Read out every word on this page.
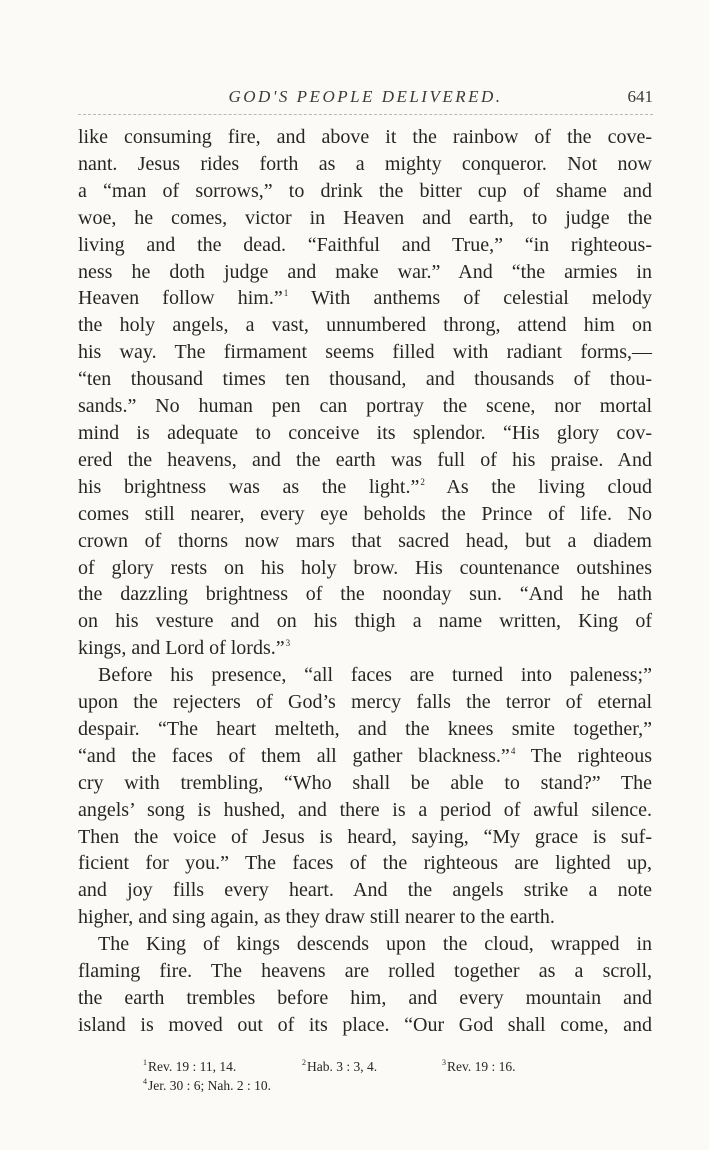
GOD'S PEOPLE DELIVERED.	641

like consuming fire, and above it the rainbow of the cove-

nant. Jesus rides forth as a mighty conqueror. Not now

a “man of sorrows,” to drink the bitter cup of shame and

woe, he comes, victor in Heaven and earth, to judge the

living and the dead. “Faithful and True,” “in righteous-

ness he doth judge and make war.” And “the armies in

Heaven follow him.”$^1$ With anthems of celestial melody

the holy angels, a vast, unnumbered throng, attend him on

his way. The firmament seems filled with radiant forms,—

“ten thousand times ten thousand, and thousands of thou-

sands.” No human pen can portray the scene, nor mortal

mind is adequate to conceive its splendor. “His glory cov-

ered the heavens, and the earth was full of his praise. And

his brightness was as the light.”$^2$ As the living cloud

comes still nearer, every eye beholds the Prince of life. No

crown of thorns now mars that sacred head, but a diadem

of glory rests on his holy brow. His countenance outshines

the dazzling brightness of the noonday sun. “And he hath

on his vesture and on his thigh a name written, King of

kings, and Lord of lords.”$^3$

Before his presence, “all faces are turned into paleness;”

upon the rejecters of God’s mercy falls the terror of eternal

despair. “The heart melteth, and the knees smite together,”

“and the faces of them all gather blackness.”$^4$ The righteous

cry with trembling, “Who shall be able to stand?” The

angels’ song is hushed, and there is a period of awful silence.

Then the voice of Jesus is heard, saying, “My grace is suf-

ficient for you.” The faces of the righteous are lighted up,

and joy fills every heart. And the angels strike a note

higher, and sing again, as they draw still nearer to the earth.

The King of kings descends upon the cloud, wrapped in

flaming fire. The heavens are rolled together as a scroll,

the earth trembles before him, and every mountain and

island is moved out of its place. “Our God shall come, and

$^1$Rev. 19 : 11, 14.	$^2$Hab. 3 : 3, 4.	$^3$Rev. 19 : 16.
$^4$Jer. 30 : 6; Nah. 2 : 10.
